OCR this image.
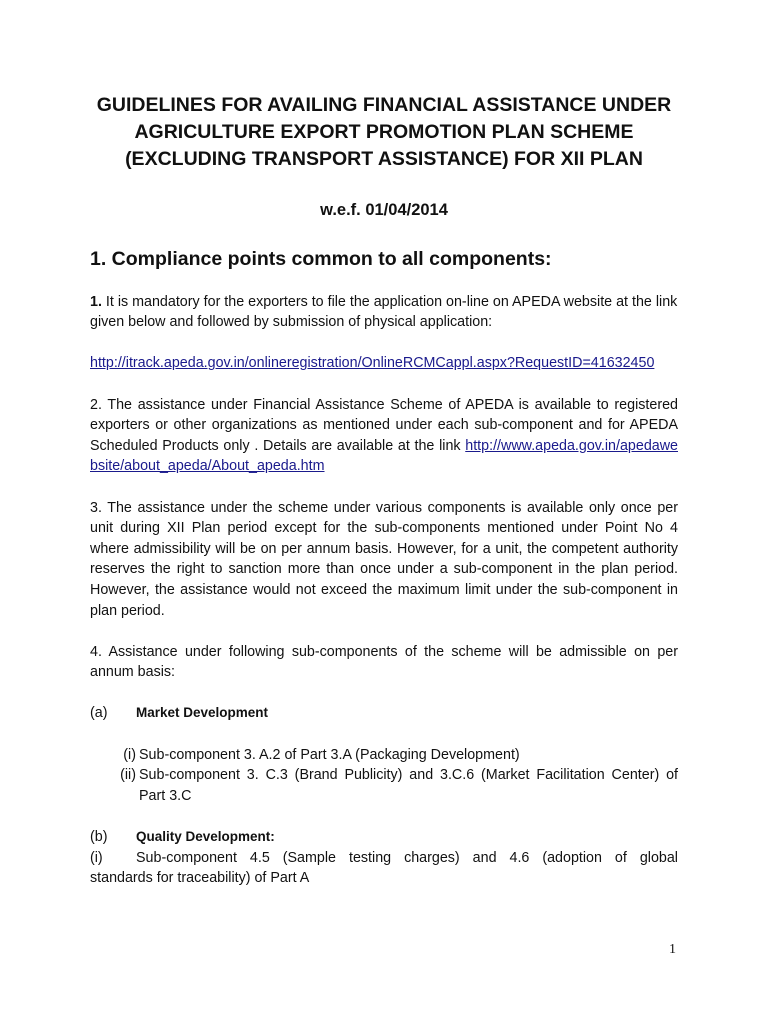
GUIDELINES FOR AVAILING FINANCIAL ASSISTANCE UNDER
AGRICULTURE EXPORT PROMOTION PLAN SCHEME
(EXCLUDING TRANSPORT ASSISTANCE) FOR XII PLAN
w.e.f. 01/04/2014
1. Compliance points common to all components:

1. It is mandatory for the exporters to file the application on-line on APEDA website at the link given below and followed by submission of physical application:

http://itrack.apeda.gov.in/onlineregistration/OnlineRCMCappl.aspx?RequestID=41632450

2. The assistance under Financial Assistance Scheme of APEDA is available to registered exporters or other organizations as mentioned under each sub-component and for APEDA Scheduled Products only . Details are available at the link http://www.apeda.gov.in/apedawebsite/about_apeda/About_apeda.htm

3. The assistance under the scheme under various components is available only once per unit during XII Plan period except for the sub-components mentioned under Point No 4 where admissibility will be on per annum basis. However, for a unit, the competent authority reserves the right to sanction more than once under a sub-component in the plan period. However, the assistance would not exceed the maximum limit under the sub-component in plan period.

4. Assistance under following sub-components of the scheme will be admissible on per annum basis:

(a)	Market Development
(i) Sub-component 3. A.2 of Part 3.A (Packaging Development)
(ii) Sub-component 3. C.3 (Brand Publicity) and 3.C.6 (Market Facilitation Center) of Part 3.C
(b)	Quality Development:
(i)	Sub-component 4.5 (Sample testing charges) and 4.6 (adoption of global

standards for traceability) of Part A

1
